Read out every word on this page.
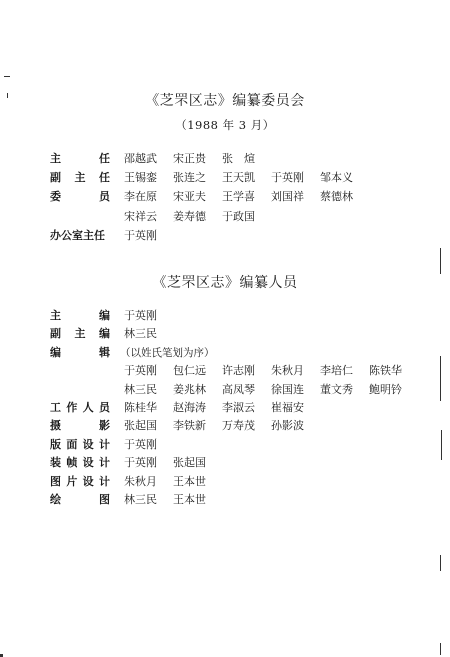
《芝罘区志》编纂委员会
（1988 年 3 月）
主	任 邵越武 宋正贵 张　煊
副 主 任 王锡銮 张连之 王天凯 于英刚 邹本义
委	员 李在原 宋亚夫 王学喜 刘国祥 蔡德林
宋祥云 姜寿德 于政国
办公室主任 于英刚
《芝罘区志》编纂人员
主	编 于英刚
副 主 编 林三民
编	辑 （以姓氏笔划为序）
于英刚 包仁远 许志刚 朱秋月 李培仁 陈铁华
林三民 姜兆林 高凤琴 徐国连 董文秀 鲍明钤
工 作 人 员 陈桂华 赵海涛 李淑云 崔福安
摄	影 张起国 李铁新 万寿茂 孙影波
版 面 设 计 于英刚
装 帧 设 计 于英刚 张起国
图 片 设 计 朱秋月 王本世
绘	图 林三民 王本世
